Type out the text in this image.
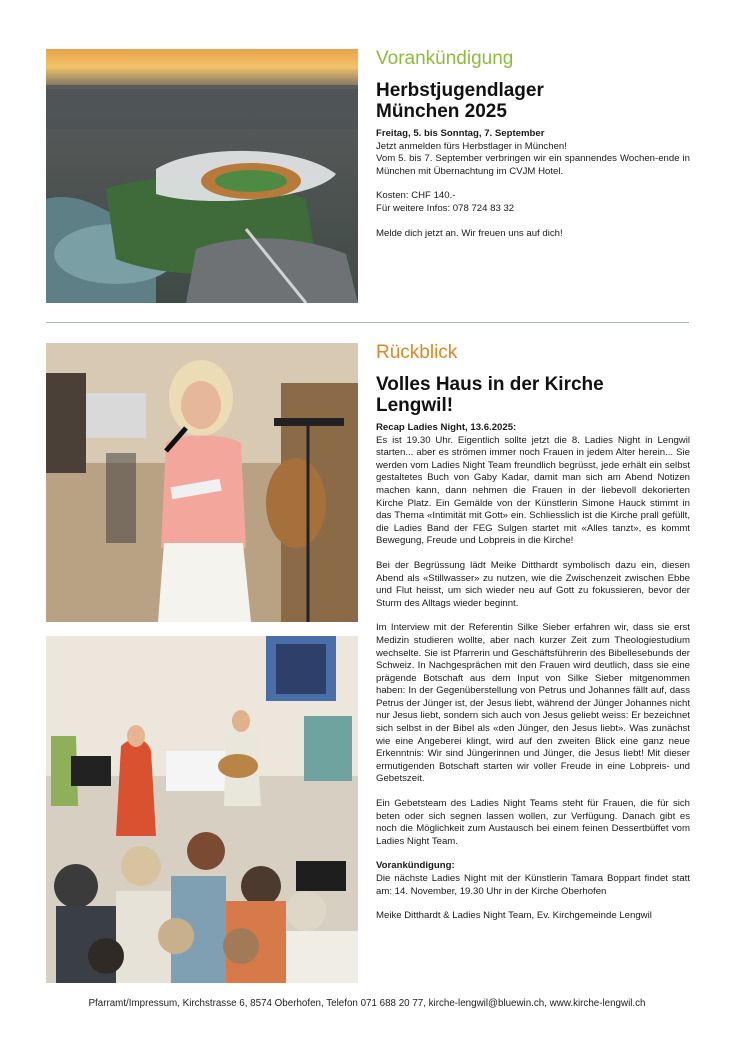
Vorankündigung

Herbstjugendlager
München 2025

Freitag, 5. bis Sonntag, 7. September

Jetzt anmelden fürs Herbstlager in München!

Vom 5. bis 7. September verbringen wir ein spannendes Wochen-ende in München mit Übernachtung im CVJM Hotel.

Kosten: CHF 140.-

Für weitere Infos: 078 724 83 32

Melde dich jetzt an. Wir freuen uns auf dich!

Rückblick

Volles Haus in der Kirche
Lengwil!

Recap Ladies Night, 13.6.2025:

Es ist 19.30 Uhr. Eigentlich sollte jetzt die 8. Ladies Night in Lengwil starten... aber es strömen immer noch Frauen in jedem Alter herein... Sie werden vom Ladies Night Team freundlich begrüsst, jede erhält ein selbst gestaltetes Buch von Gaby Kadar, damit man sich am Abend Notizen machen kann, dann nehmen die Frauen in der liebevoll dekorierten Kirche Platz. Ein Gemälde von der Künstlerin Simone Hauck stimmt in das Thema «Intimität mit Gott» ein. Schliesslich ist die Kirche prall gefüllt, die Ladies Band der FEG Sulgen startet mit «Alles tanzt», es kommt Bewegung, Freude und Lobpreis in die Kirche!

Bei der Begrüssung lädt Meike Ditthardt symbolisch dazu ein, diesen Abend als «Stillwasser» zu nutzen, wie die Zwischenzeit zwischen Ebbe und Flut heisst, um sich wieder neu auf Gott zu fokussieren, bevor der Sturm des Alltags wieder beginnt.

Im Interview mit der Referentin Silke Sieber erfahren wir, dass sie erst Medizin studieren wollte, aber nach kurzer Zeit zum Theologiestudium wechselte. Sie ist Pfarrerin und Geschäftsführerin des Bibellesebunds der Schweiz. In Nachgesprächen mit den Frauen wird deutlich, dass sie eine prägende Botschaft aus dem Input von Silke Sieber mitgenommen haben: In der Gegenüberstellung von Petrus und Johannes fällt auf, dass Petrus der Jünger ist, der Jesus liebt, während der Jünger Johannes nicht nur Jesus liebt, sondern sich auch von Jesus geliebt weiss: Er bezeichnet sich selbst in der Bibel als «den Jünger, den Jesus liebt». Was zunächst wie eine Angeberei klingt, wird auf den zweiten Blick eine ganz neue Erkenntnis: Wir sind Jüngerinnen und Jünger, die Jesus liebt! Mit dieser ermutigenden Botschaft starten wir voller Freude in eine Lobpreis- und Gebetszeit.

Ein Gebetsteam des Ladies Night Teams steht für Frauen, die für sich beten oder sich segnen lassen wollen, zur Verfügung. Danach gibt es noch die Möglichkeit zum Austausch bei einem feinen Dessertbüffet vom Ladies Night Team.

Vorankündigung:

Die nächste Ladies Night mit der Künstlerin Tamara Boppart findet statt am: 14. November, 19.30 Uhr in der Kirche Oberhofen

Meike Ditthardt & Ladies Night Team, Ev. Kirchgemeinde Lengwil

Pfarramt/Impressum, Kirchstrasse 6, 8574 Oberhofen, Telefon 071 688 20 77, kirche-lengwil@bluewin.ch, www.kirche-lengwil.ch
